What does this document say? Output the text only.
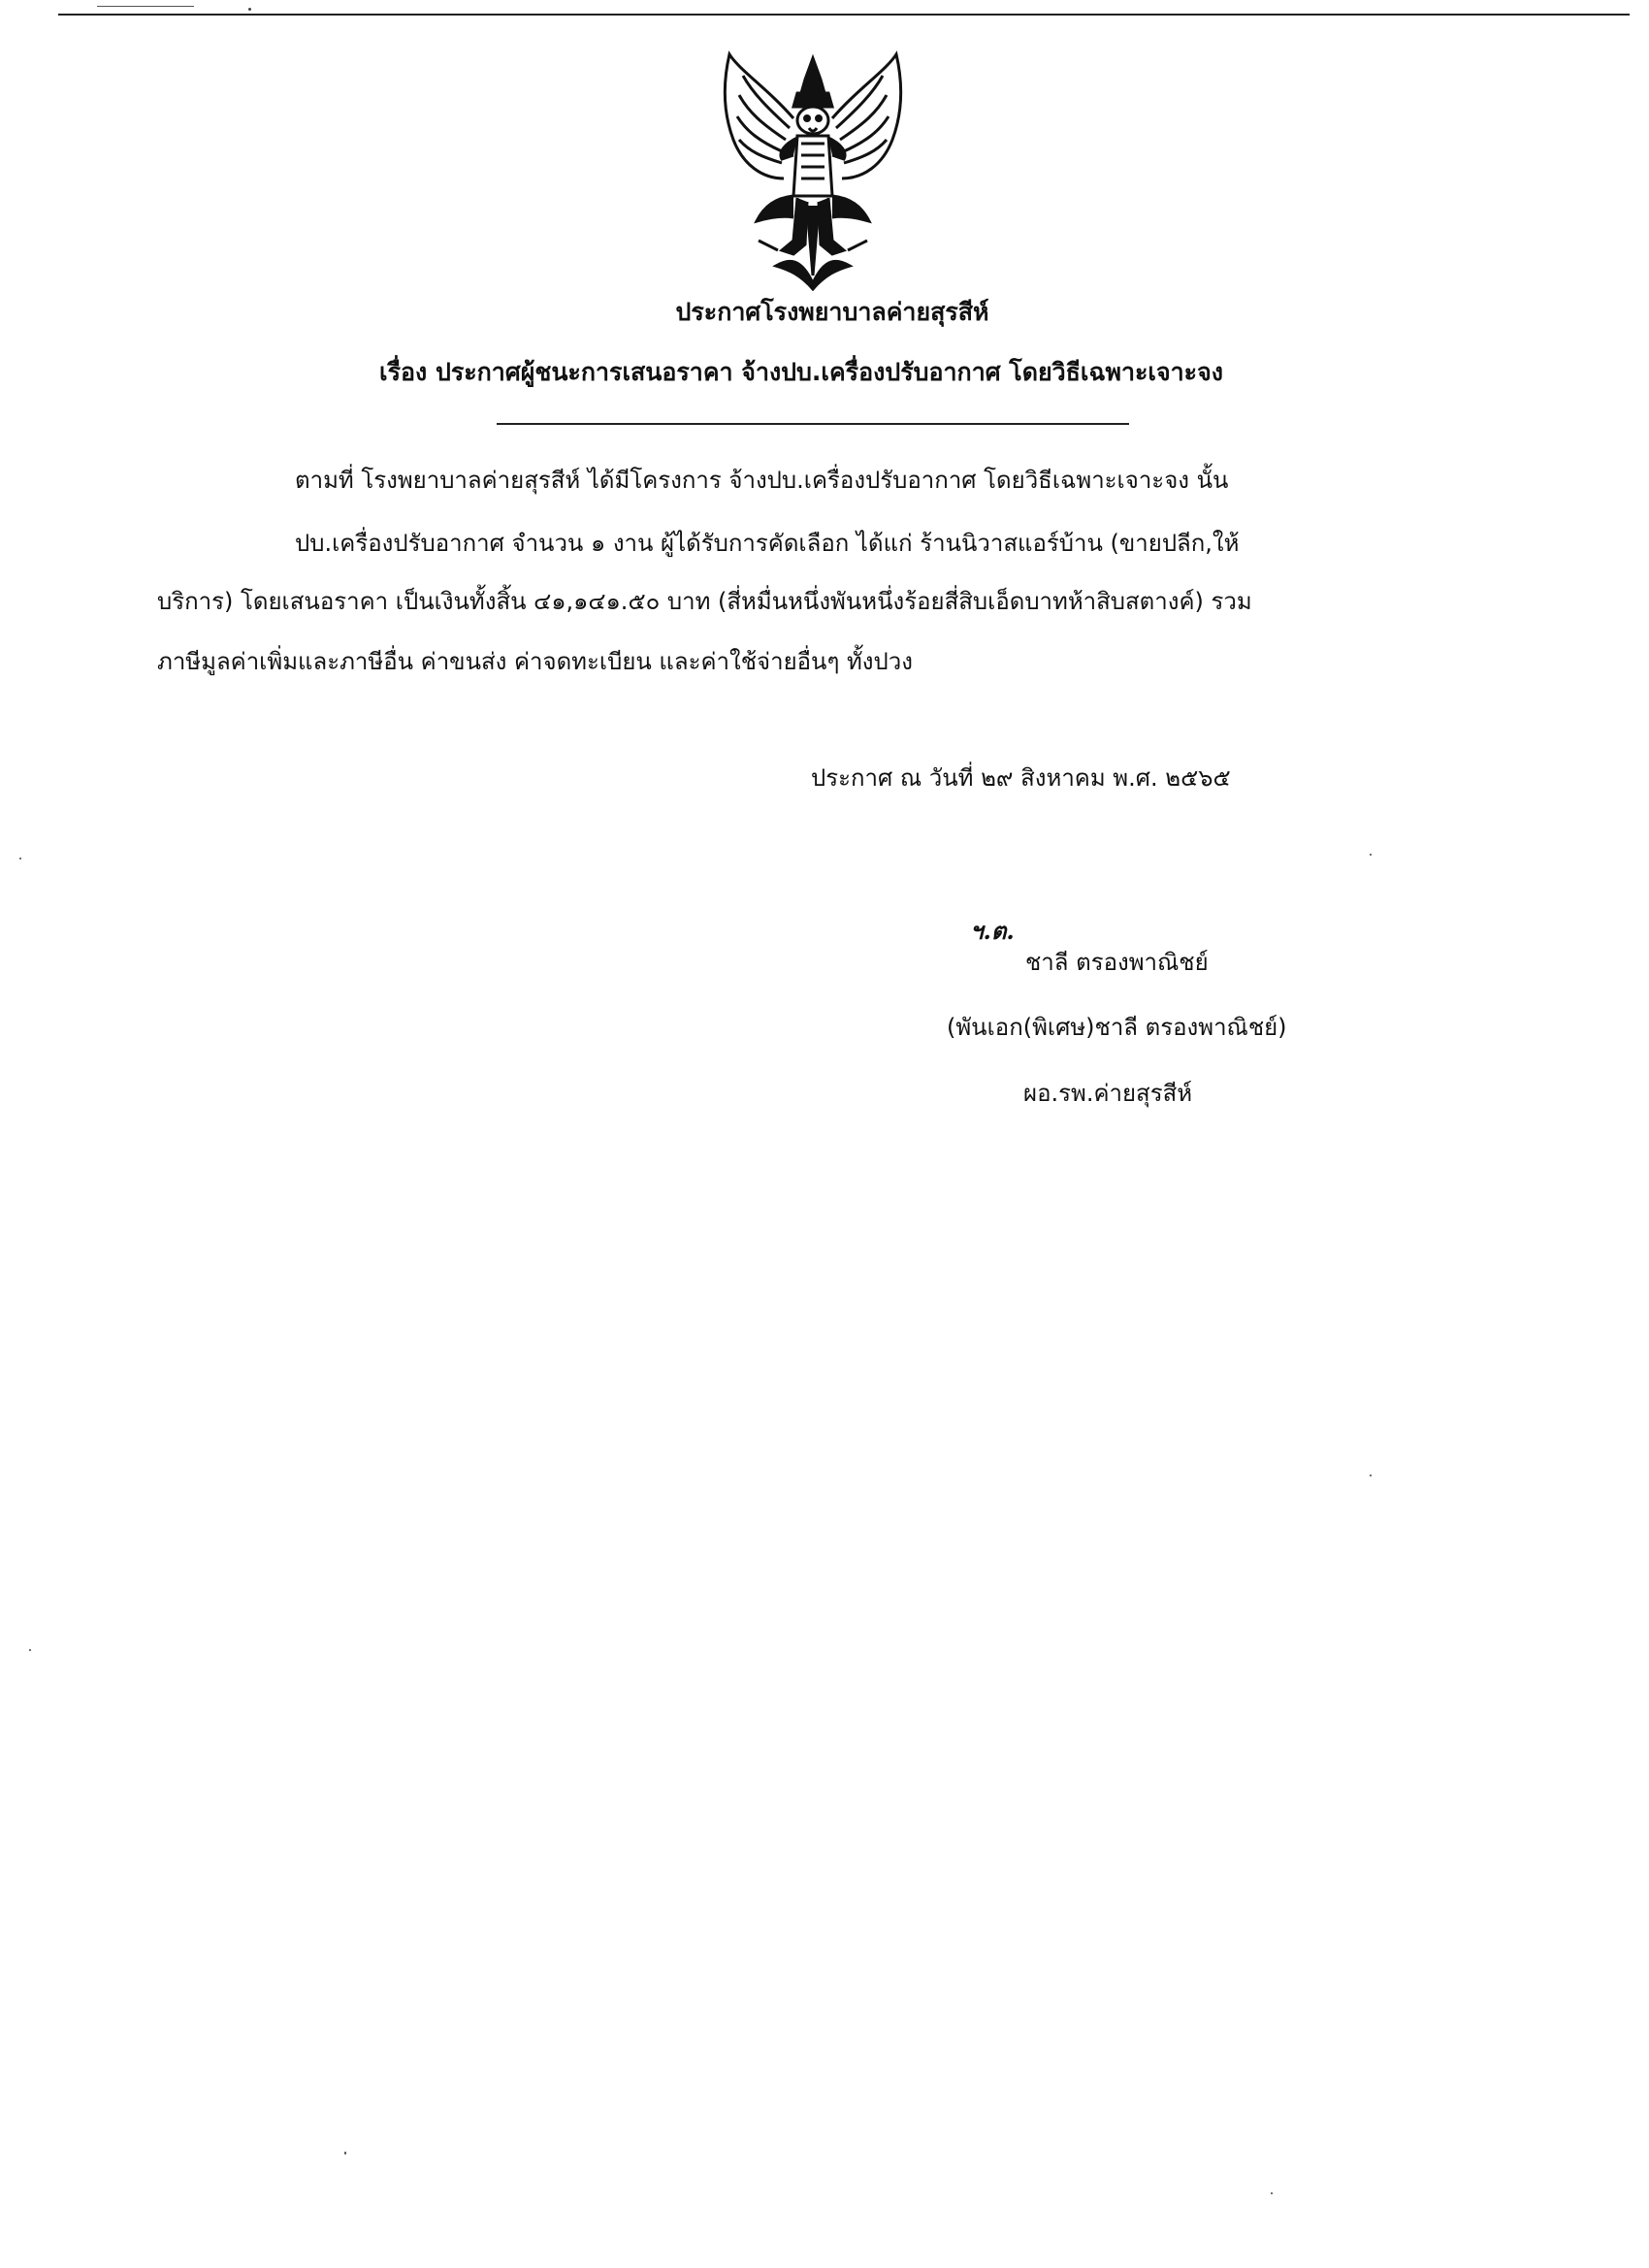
ประกาศโรงพยาบาลค่ายสุรสีห์
เรื่อง ประกาศผู้ชนะการเสนอราคา จ้างปบ.เครื่องปรับอากาศ โดยวิธีเฉพาะเจาะจง
ตามที่ โรงพยาบาลค่ายสุรสีห์ ได้มีโครงการ จ้างปบ.เครื่องปรับอากาศ โดยวิธีเฉพาะเจาะจง นั้น
ปบ.เครื่องปรับอากาศ จำนวน ๑ งาน ผู้ได้รับการคัดเลือก ได้แก่ ร้านนิวาสแอร์บ้าน (ขายปลีก,ให้
บริการ) โดยเสนอราคา เป็นเงินทั้งสิ้น ๔๑,๑๔๑.๕๐ บาท (สี่หมื่นหนึ่งพันหนึ่งร้อยสี่สิบเอ็ดบาทห้าสิบสตางค์) รวม
ภาษีมูลค่าเพิ่มและภาษีอื่น ค่าขนส่ง ค่าจดทะเบียน และค่าใช้จ่ายอื่นๆ ทั้งปวง
ประกาศ ณ วันที่ ๒๙ สิงหาคม พ.ศ. ๒๕๖๕
ฯ.ต.
ชาลี ตรองพาณิชย์
(พันเอก(พิเศษ)ชาลี ตรองพาณิชย์)
ผอ.รพ.ค่ายสุรสีห์
